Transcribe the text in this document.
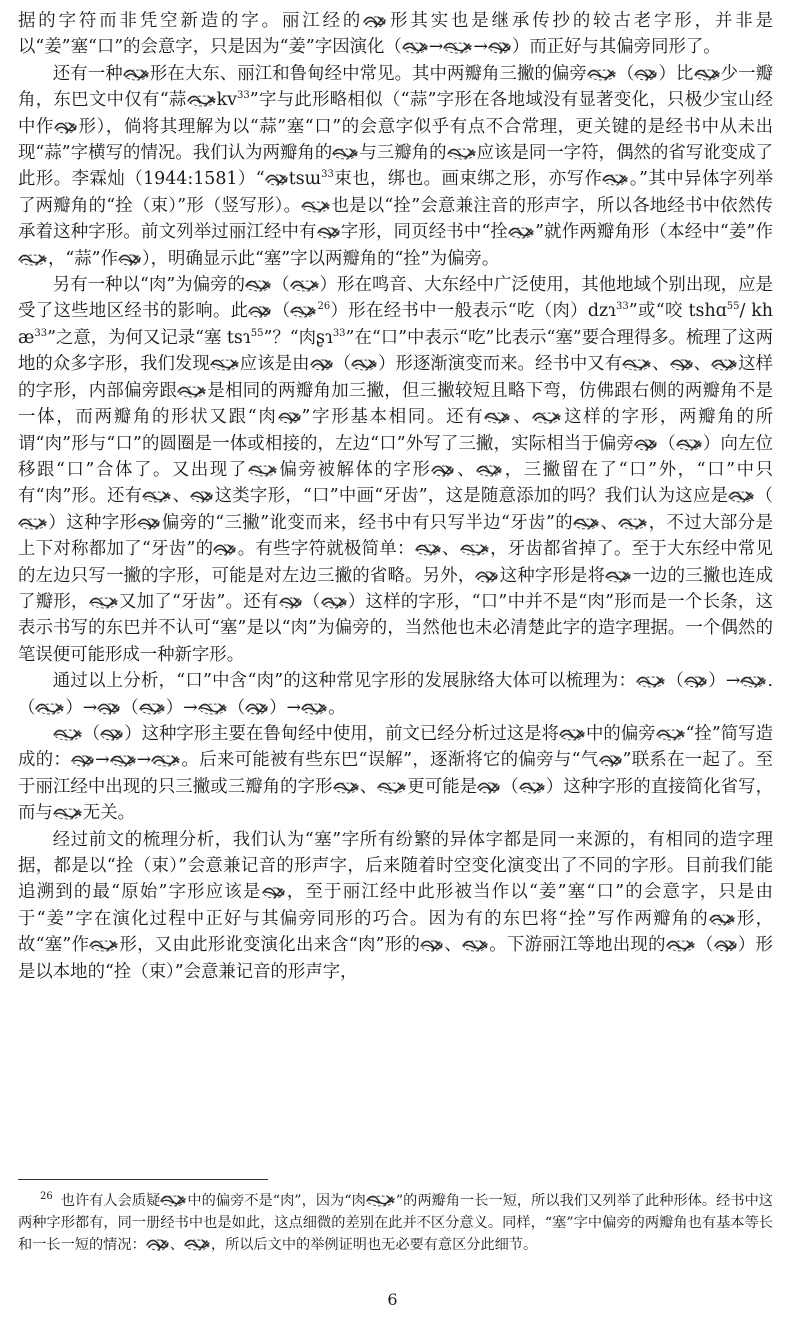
据的字符而非凭空新造的字。丽江经的 形其实也是继承传抄的较古老字形，并非是以“姜”塞“口”的会意字，只是因为“姜”字因演化（ → → ）而正好与其偏旁同形了。

还有一种 形在大东、丽江和鲁甸经中常见。其中两瓣角三撇的偏旁 （ ）比 少一瓣角，东巴文中仅有“蒜 $kv^{33}$”字与此形略相似（“蒜”字形在各地域没有显著变化，只极少宝山经中作 形），倘将其理解为以“蒜”塞“口”的会意字似乎有点不合常理，更关键的是经书中从未出现“蒜”字横写的情况。我们认为两瓣角的 与三瓣角的 应该是同一字符，偶然的省写讹变成了此形。李霖灿（1944:1581）“ tsɯ$^{33}$束也，绑也。画束绑之形，亦写作 。”其中异体字列举了两瓣角的“拴（束）”形（竖写形）。 也是以“拴”会意兼注音的形声字，所以各地经书中依然传承着这种字形。前文列举过丽江经中有 字形，同页经书中“拴 ”就作两瓣角形（本经中“姜”作
，“蒜”作 ），明确显示此“塞”字以两瓣角的“拴”为偏旁。

另有一种以“肉”为偏旁的 （ ）形在鸣音、大东经中广泛使用，其他地域个别出现，应是受了这些地区经书的影响。此 （	$^{26}$）形在经书中一般表示“吃（肉）dzɿ$^{33}$”或“咬 tshɑ$^{55}$/ khæ$^{33}$”之意，为何又记录“塞 tsɿ$^{55}$”？“肉ʂɿ$^{33}$”在“口”中表示“吃”比表示“塞”要合理得多。梳理了这两地的众多字形，我们发现 应该是由 （ ）形逐渐演变而来。经书中又有 、 、 这样的字形，内部偏旁跟 是相同的两瓣角加三撇，但三撇较短且略下弯，仿佛跟右侧的两瓣角不是一体，而两瓣角的形状又跟“肉 ”字形基本相同。还有 、 这样的字形，两瓣角的所谓“肉”形与“口”的圆圈是一体或相接的，左边“口”外写了三撇，实际相当于偏旁 （ ）向左位移跟“口”合体了。又出现了 偏旁被解体的字形 、 ，三撇留在了“口”外，“口”中只有“肉”形。还有 、 这类字形，“口”中画“牙齿”，这是随意添加的吗？我们认为这应是 （
）这种字形 偏旁的“三撇”讹变而来，经书中有只写半边“牙齿”的 、 ，不过大部分是上下对称都加了“牙齿”的 。有些字符就极简单： 、 ，牙齿都省掉了。至于大东经中常见的左边只写一撇的字形，可能是对左边三撇的省略。另外， 这种字形是将 一边的三撇也连成了瓣形， 又加了“牙齿”。还有 （ ）这样的字形，“口”中并不是“肉”形而是一个长条，这表示书写的东巴并不认可“塞”是以“肉”为偏旁的，当然他也未必清楚此字的造字理据。一个偶然的笔误便可能形成一种新字形。

通过以上分析，“口”中含“肉”的这种常见字形的发展脉络大体可以梳理为： （ ）→ .（ ）→ （ ）→ （ ）→ 。

（ ）这种字形主要在鲁甸经中使用，前文已经分析过这是将 中的偏旁 “拴”简写造成的： → → 。后来可能被有些东巴“误解”，逐渐将它的偏旁与“气 ”联系在一起了。至于丽江经中出现的只三撇或三瓣角的字形 、 更可能是 （ ）这种字形的直接简化省写，而与 无关。

经过前文的梳理分析，我们认为“塞”字所有纷繁的异体字都是同一来源的，有相同的造字理据，都是以“拴（束）”会意兼记音的形声字，后来随着时空变化演变出了不同的字形。目前我们能追溯到的最“原始”字形应该是 ，至于丽江经中此形被当作以“姜”塞“口”的会意字，只是由于“姜”字在演化过程中正好与其偏旁同形的巧合。因为有的东巴将“拴”写作两瓣角的 形，故“塞”作 形，又由此形讹变演化出来含“肉”形的 、 。下游丽江等地出现的 （ ）形是以本地的“拴（束）”会意兼记音的形声字，

$^{26}$ 也许有人会质疑 中的偏旁不是“肉”，因为“肉 ”的两瓣角一长一短，所以我们又列举了此种形体。经书中这两种字形都有，同一册经书中也是如此，这点细微的差别在此并不区分意义。同样，“塞”字中偏旁的两瓣角也有基本等长和一长一短的情况： 、 ，所以后文中的举例证明也无必要有意区分此细节。
6
